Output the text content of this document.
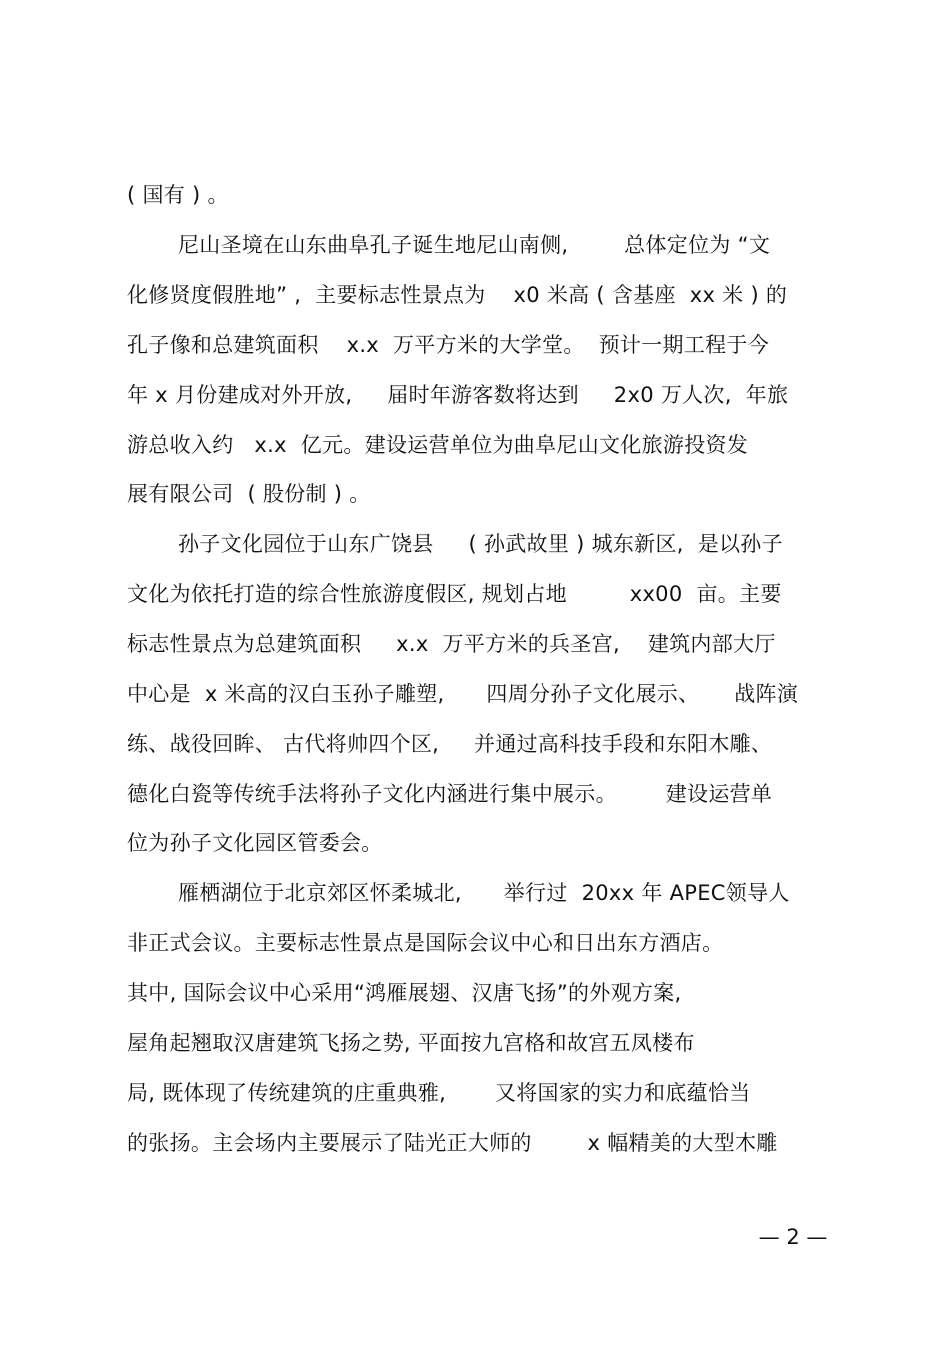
( 国有 ) 。
尼山圣境在山东曲阜孔子诞生地尼山南侧,        总体定位为 “文
化修贤度假胜地” ,  主要标志性景点为    x0 米高 ( 含基座  xx 米 ) 的
孔子像和总建筑面积    x.x  万平方米的大学堂。  预计一期工程于今
年 x 月份建成对外开放,     届时年游客数将达到     2x0 万人次,  年旅
游总收入约   x.x  亿元。建设运营单位为曲阜尼山文化旅游投资发
展有限公司  ( 股份制 ) 。
孙子文化园位于山东广饶县     ( 孙武故里 ) 城东新区,  是以孙子
文化为依托打造的综合性旅游度假区, 规划占地         xx00  亩。主要
标志性景点为总建筑面积     x.x  万平方米的兵圣宫,    建筑内部大厅
中心是  x 米高的汉白玉孙子雕塑,      四周分孙子文化展示、     战阵演
练、战役回眸、 古代将帅四个区,     并通过高科技手段和东阳木雕、
德化白瓷等传统手法将孙子文化内涵进行集中展示。       建设运营单
位为孙子文化园区管委会。
雁栖湖位于北京郊区怀柔城北,      举行过  20xx 年 APEC领导人
非正式会议。主要标志性景点是国际会议中心和日出东方酒店。
其中, 国际会议中心采用“鸿雁展翅、汉唐飞扬”的外观方案,
屋角起翘取汉唐建筑飞扬之势, 平面按九宫格和故宫五凤楼布
局, 既体现了传统建筑的庄重典雅,       又将国家的实力和底蕴恰当
的张扬。主会场内主要展示了陆光正大师的        x 幅精美的大型木雕
— 2 —
